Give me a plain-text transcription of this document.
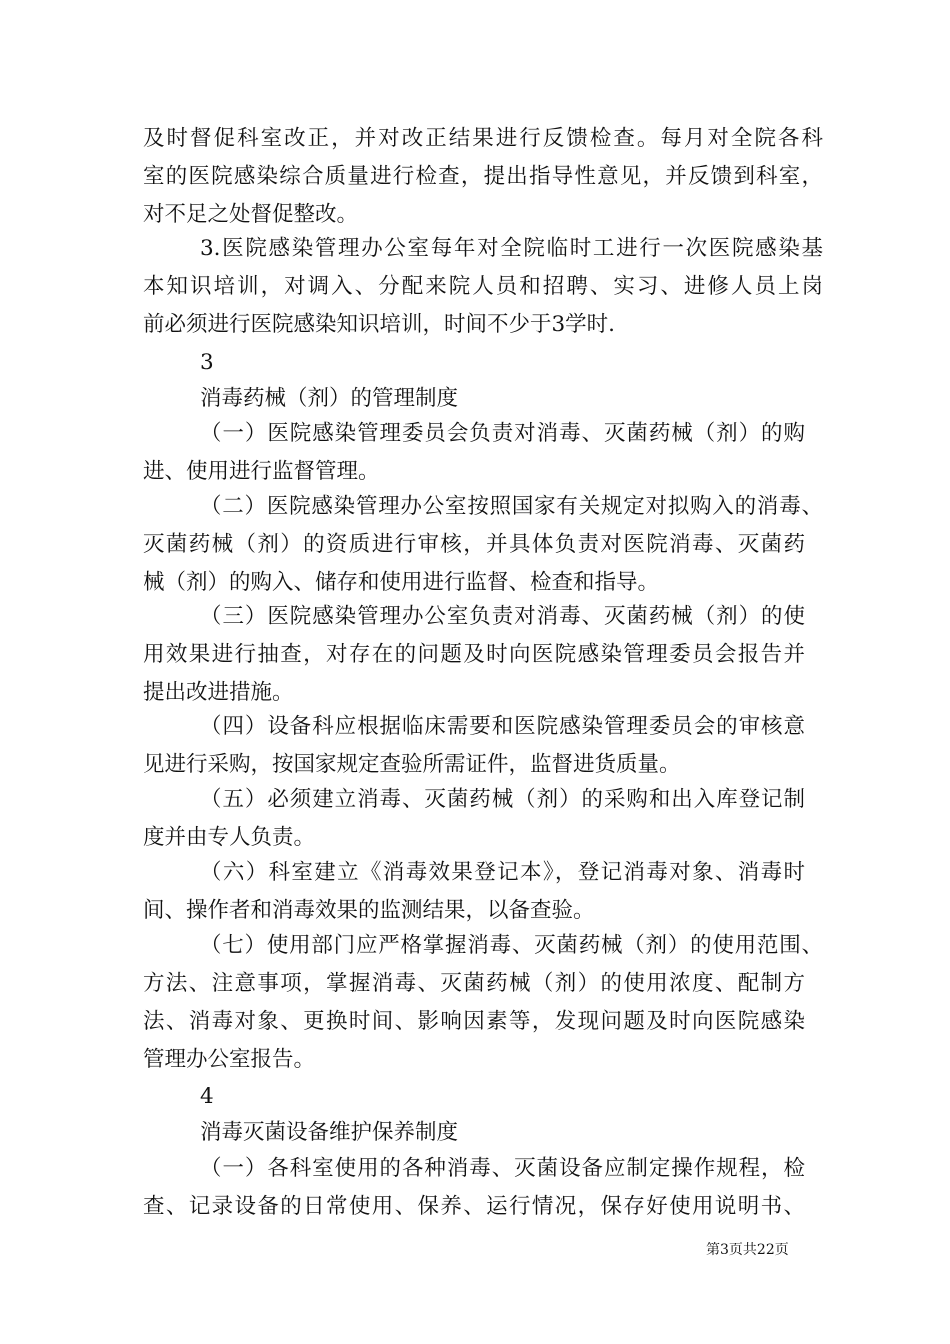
及时督促科室改正，并对改正结果进行反馈检查。每月对全院各科
室的医院感染综合质量进行检查，提出指导性意见，并反馈到科室，
对不足之处督促整改。
3.医院感染管理办公室每年对全院临时工进行一次医院感染基
本知识培训，对调入、分配来院人员和招聘、实习、进修人员上岗
前必须进行医院感染知识培训，时间不少于3学时.
3
消毒药械（剂）的管理制度
（一）医院感染管理委员会负责对消毒、灭菌药械（剂）的购
进、使用进行监督管理。
（二）医院感染管理办公室按照国家有关规定对拟购入的消毒、
灭菌药械（剂）的资质进行审核，并具体负责对医院消毒、灭菌药
械（剂）的购入、储存和使用进行监督、检查和指导。
（三）医院感染管理办公室负责对消毒、灭菌药械（剂）的使
用效果进行抽查，对存在的问题及时向医院感染管理委员会报告并
提出改进措施。
（四）设备科应根据临床需要和医院感染管理委员会的审核意
见进行采购，按国家规定查验所需证件，监督进货质量。
（五）必须建立消毒、灭菌药械（剂）的采购和出入库登记制
度并由专人负责。
（六）科室建立《消毒效果登记本》，登记消毒对象、消毒时
间、操作者和消毒效果的监测结果，以备查验。
（七）使用部门应严格掌握消毒、灭菌药械（剂）的使用范围、
方法、注意事项，掌握消毒、灭菌药械（剂）的使用浓度、配制方
法、消毒对象、更换时间、影响因素等，发现问题及时向医院感染
管理办公室报告。
4
消毒灭菌设备维护保养制度
（一）各科室使用的各种消毒、灭菌设备应制定操作规程，检
查、记录设备的日常使用、保养、运行情况，保存好使用说明书、
第3页共22页
